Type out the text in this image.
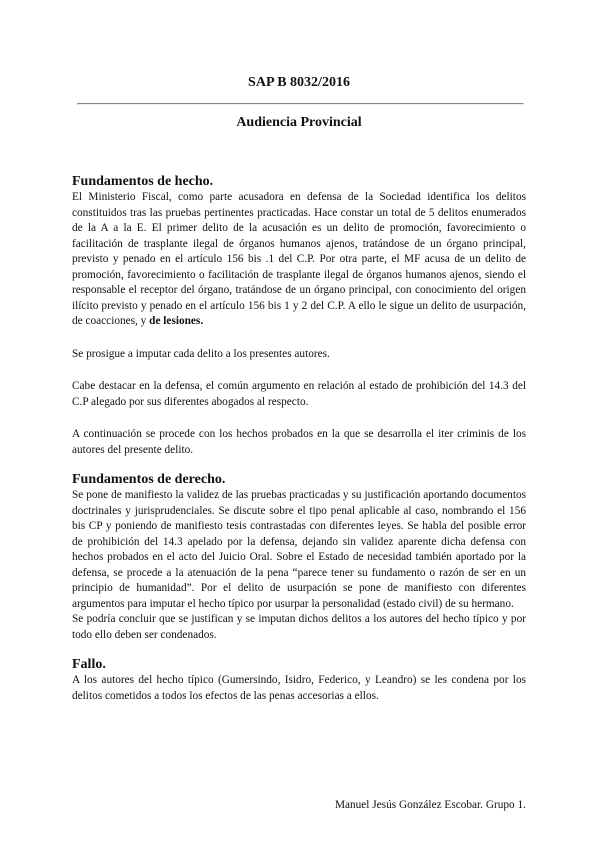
SAP B 8032/2016
Audiencia Provincial
Fundamentos de hecho.

El Ministerio Fiscal, como parte acusadora en defensa de la Sociedad identifica los delitos constituidos tras las pruebas pertinentes practicadas. Hace constar un total de 5 delitos enumerados de la A a la E. El primer delito de la acusación es un delito de promoción, favorecimiento o facilitación de trasplante ilegal de órganos humanos ajenos, tratándose de un órgano principal, previsto y penado en el artículo 156 bis .1 del C.P. Por otra parte, el MF acusa de un delito de promoción, favorecimiento o facilitación de trasplante ilegal de órganos humanos ajenos, siendo el responsable el receptor del órgano, tratándose de un órgano principal, con conocimiento del origen ilícito previsto y penado en el artículo 156 bis 1 y 2 del C.P. A ello le sigue un delito de usurpación, de coacciones, y de lesiones.

Se prosigue a imputar cada delito a los presentes autores.

Cabe destacar en la defensa, el común argumento en relación al estado de prohibición del 14.3 del C.P alegado por sus diferentes abogados al respecto.

A continuación se procede con los hechos probados en la que se desarrolla el iter criminis de los autores del presente delito.

Fundamentos de derecho.

Se pone de manifiesto la validez de las pruebas practicadas y su justificación aportando documentos doctrinales y jurisprudenciales. Se discute sobre el tipo penal aplicable al caso, nombrando el 156 bis CP y poniendo de manifiesto tesis contrastadas con diferentes leyes. Se habla del posible error de prohibición del 14.3 apelado por la defensa, dejando sin validez aparente dicha defensa con hechos probados en el acto del Juicio Oral. Sobre el Estado de necesidad también aportado por la defensa, se procede a la atenuación de la pena “parece tener su fundamento o razón de ser en un principio de humanidad”. Por el delito de usurpación se pone de manifiesto con diferentes argumentos para imputar el hecho típico por usurpar la personalidad (estado civil) de su hermano.

Se podría concluir que se justifican y se imputan dichos delitos a los autores del hecho típico y por todo ello deben ser condenados.

Fallo.

A los autores del hecho típico (Gumersindo, Isidro, Federico, y Leandro) se les condena por los delitos cometidos a todos los efectos de las penas accesorias a ellos.

Manuel Jesús González Escobar. Grupo 1.
